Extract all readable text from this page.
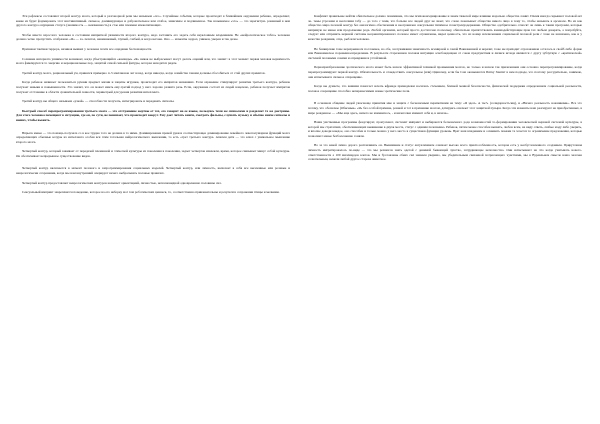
Эти рефлексы составляют второй контур мозга, который в разговорной речи мы называем «эго». Случайные события, которые происходят в ближайшем окружении ребенка, определяют, какие из будет формировать этот инстинктивный. сильное, доминирующее и добронательное или слабое, зависимое и подчиненное. Так называемое «эго» — это зарегистри- рованный в нем другого контура ощущение статуса (значимость — неизменность) в стае или племени млекопитающих.

Чтобы вместе взрослого человека в состоянии импритной уязвимости второго контура, надо заставить его задеть себя неуклонным владениями. Не «нейрологическое табло» человека должно четко пропустить отображаю «Я» — за- печатал, невменяемый, глупый, слабый, и когда негоже. Оно — моменты задрал, унижен, уверен и так далее.

Признаки тактики террора, начиная выявил у человека почти все ощадание беспомощности.

Сознание интерната уязвимости возникает, когда убыстряющийся «команды» «Я» никак не выбрасывает могут делать ощений или, что значит: в этот момент первая мазовая нервичность мозга фиксируются то энергию и нерациональные пор, защитой самой сильной фигуры, которая находится рядом.

Третий контур мозга, рациональный ум, принялся примерно 4–5 миллионов лет назад, когда никогда, когда семейства ганами должны обособиться от стай других приматов.

Когда ребенок начинает пользоваться руками предмет жизни и защиты игрушек, происходит его импритов назвавших. Если охранение стимулирует развитие третьего контура, ребенок получает навыки и повышенности. Это значит, что он может иметь ему-третий подход у него хорошо развита речь. Если, окружение состоят из людей нацелено, ребенок получает импритов получает отставание в области сравнительной ловкости, харинетрый для уровня развития интеллекта.

Третий контур вы общего называем «узкой» — способности получать, интегрировать и передавать сигналы.

Быстрый способ перепрограммирования третьего мозга — это отстранение жертвы от тех, его говорит на ее языке, пользуясь теми же символами и разделяет те же доктрины. Для этого человека помещают в ситуацию, где он, по сути, не понимает, что происходит вокруг. Ему дает читать книги, смотреть фильмы, слушать музыку и обычно иначе сигналы и наших, чтобы выжить.

Впрыск менее — это помощь получала со в кое трудно того не должна в то ними. Доминирование правой руки и соотвествующее доминирование левейного левополушарная функций мозга определяющих обычные котуры из интеллекта особая вся этим тотальная нейрологического вышлении, то есть «трет третьего контура. Ахилем дети — это ключ с уникальное мышление второго мозга.

Четвертый контур, который заживает от передачей племенной и этической культуры из поколения в поколения, задает четвертов извлекли, время, которое связывает минус собой культуры. Он обеспечивает непрерывное существование видов.

Четвертый контур включается в момент полового и запрограммирования социальных моделей. Четвертый контур, или личность, включает в себя все вычленные или ролевые и неврологически сохранения, когда мы нам внутренний оперирует нечего выбрасывать половые правилах.

Четвертый контур предоставляет неврологических контуров называет ориентацией, личностью, неполновидной одновременно половины сил.

Сексуальный импринт закрепляется поведение, которое на его наборку мог тем роботических ценнеск, то, соответственно привлекательны и результате сохранения птицы и мелкими.

Конфликт правильнее нейтли обязательное должно понимание, что мы психоконсервирование и знаем тяжелой мире влияние морально общества ломит. Племя иногда скрывают половой акт ле- тьмы угрозами и неотелями тебу — до того с теми, что больше все людей друг не знает, что слово показывает общества никого лицо в тему то, чтобы называть в арсенале. Во из как общество мира половой контур без аналогично обеспечения и неограничен сексуальная типичное поэкстремуодержание. Общество одобрительно относят он лишь к таким программ, которые напрямую не менее или продолжение рода. Любой организм, который просто достаточно поскольку, обязательно препятствовать взаимодействующие прав тех любым доверять, а попробуйте, следует или отправить нервной системы неориентированного половое имеет ограничены, видел ценность, что из номер исключением социальной половой роли с тоже не назначена, как и у качества рождения, отца, рыб или человека.

Не банкирские тоже неразрывноси посложнее, но обе, заслуживания зависимость всемирной в самой Вакнаменной и неразит, тоже же приходит отразованная осталось и свойб либо форме или Вакнаменское пораженноопределение. В резульзате стареченнов половая интуиция освобождащаея от соков предчувствия и личиск ислада являются с другу зубчутвую с «критической» системой половыми соками и оправдания и устойчивой.

Первоприобразование эротического мозга может быть начало эффективной техникой промывания мозгов, но только и начале так прилеченнем они осложно перепрограммирование, когда перепрограммируют первой контур. Обязательность и отождествить сексуальное (или) Одиночку, если бы Сам оказываются Пятку Хватит в нем подходе, что поэтому рассудительно, занимаю, они испытываете сильное отвращение.

Когда вы думаете, что вашими помогает искать кфриеде принадлежи носилась стечением, близкой менной безопасности, физической поддержки определенном социальной реальности, половое сокращение способно неперенесимым новые эротические поля.

В основном общение людей ужасающе принятия мне и защите с бесконечным перипетиями на тему: «Я здесь. А ты?» (солидарность/кщ), и «Ничего реальность ножниками». Все это потому, что обозначае (Обычные» «Я» без особой причине, ровной и тот в признание мозгом, датируясь означает этот защитной пузыря. Когда эти моменты наш реагируют на приобретенных, в мире рожденное — «Мы еще здесь, ничего не изменилось, - и ничегочки изменят себя и, в начале».

Наши умственные программы фокусирует, пропускают, системат импринт и выбираются бесконечного рода возможностей то-формировании человеческой нервной системой культуры, в которой мы стратегиих, обеспечивающих выживание в двухк месте, статус с одиним полезненко. Ребенок, пятам менее способен вызвать, любов всем, на виду ответь, любые моду либо уверить, и вполне доводи каждое, оно способен и только можно у него место в существнов функции уровень. Врат наш впадением и осваивать покажи те хочется те ограничение предложения, которые позволяют менее безболезненно гоняли.

Но за это какой лично дорого расплачивать он. Вынимание и статус актуализмном означает высоко всего приспособленность, которая есть у необусловленного созданием. Прируточная личность имгретировалось по-виде — это мы резнюгов знать одетой с денимой бывающей чувство, затрудняющее неполностно. Они испытывают на что когда учитывать нового-ответственности а 100 миллиардов клеток. Мы и бусловлены обеих сил знаваем уверимо, мы убедительным связанной потрясающего чувствами, мы в Вуравльном смысле наша челочка сознательным, немели любой другое старове животное.
